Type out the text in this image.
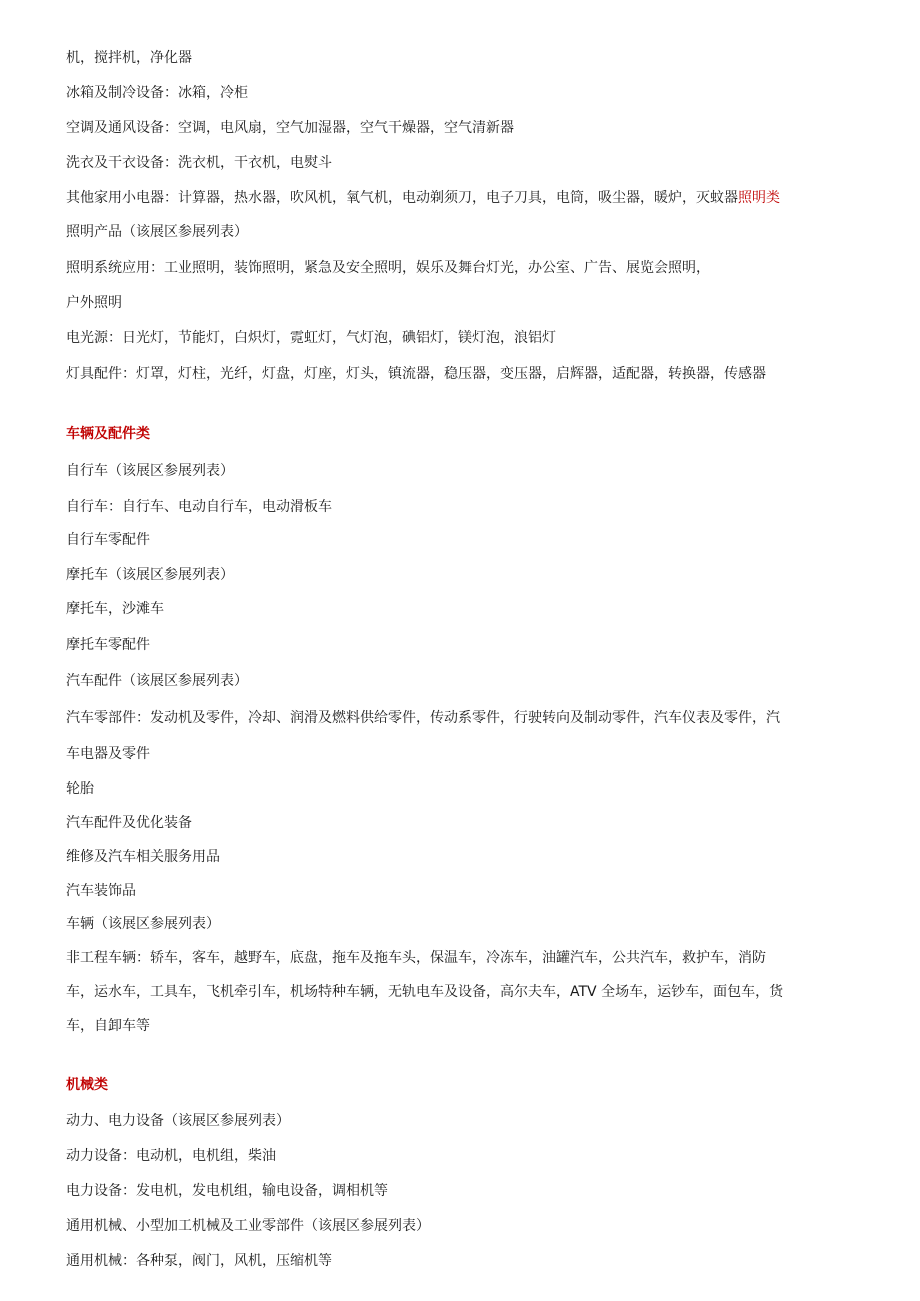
机，搅拌机，净化器
冰箱及制冷设备：冰箱，冷柜
空调及通风设备：空调，电风扇，空气加湿器，空气干燥器，空气清新器
洗衣及干衣设备：洗衣机，干衣机，电熨斗
其他家用小电器：计算器，热水器，吹风机，氧气机，电动剃须刀，电子刀具，电筒，吸尘器，暖炉，灭蚊器照明类
照明产品（该展区参展列表）
照明系统应用：工业照明，装饰照明，紧急及安全照明，娱乐及舞台灯光，办公室、广告、展览会照明，
户外照明
电光源：日光灯，节能灯，白炽灯，霓虹灯，气灯泡，碘铝灯，镁灯泡，浪铝灯
灯具配件：灯罩，灯柱，光纤，灯盘，灯座，灯头，镇流器，稳压器，变压器，启辉器，适配器，转换器，传感器
车辆及配件类
自行车（该展区参展列表）
自行车：自行车、电动自行车，电动滑板车
自行车零配件
摩托车（该展区参展列表）
摩托车，沙滩车
摩托车零配件
汽车配件（该展区参展列表）
汽车零部件：发动机及零件，冷却、润滑及燃料供给零件，传动系零件，行驶转向及制动零件，汽车仪表及零件，汽
车电器及零件
轮胎
汽车配件及优化装备
维修及汽车相关服务用品
汽车装饰品
车辆（该展区参展列表）
非工程车辆：轿车，客车，越野车，底盘，拖车及拖车头，保温车，冷冻车，油罐汽车，公共汽车，救护车，消防
车，运水车，工具车，飞机牵引车，机场特种车辆，无轨电车及设备，高尔夫车，ATV 全场车，运钞车，面包车，货
车，自卸车等
机械类
动力、电力设备（该展区参展列表）
动力设备：电动机，电机组，柴油
电力设备：发电机，发电机组，输电设备，调相机等
通用机械、小型加工机械及工业零部件（该展区参展列表）
通用机械：各种泵，阀门，风机，压缩机等
